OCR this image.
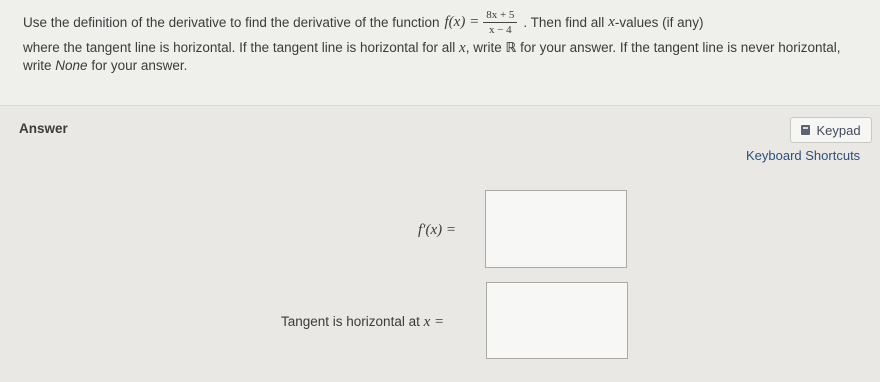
Use the definition of the derivative to find the derivative of the function $f(x) = \frac{8x + 5}{x - 4}$ . Then find all x -values (if any)
where the tangent line is horizontal. If the tangent line is horizontal for all x, write ℝ for your answer. If the tangent line is never horizontal, write None for your answer.
Answer	Keypad
Keyboard Shortcuts
f′(x) =
Tangent is horizontal at x =
